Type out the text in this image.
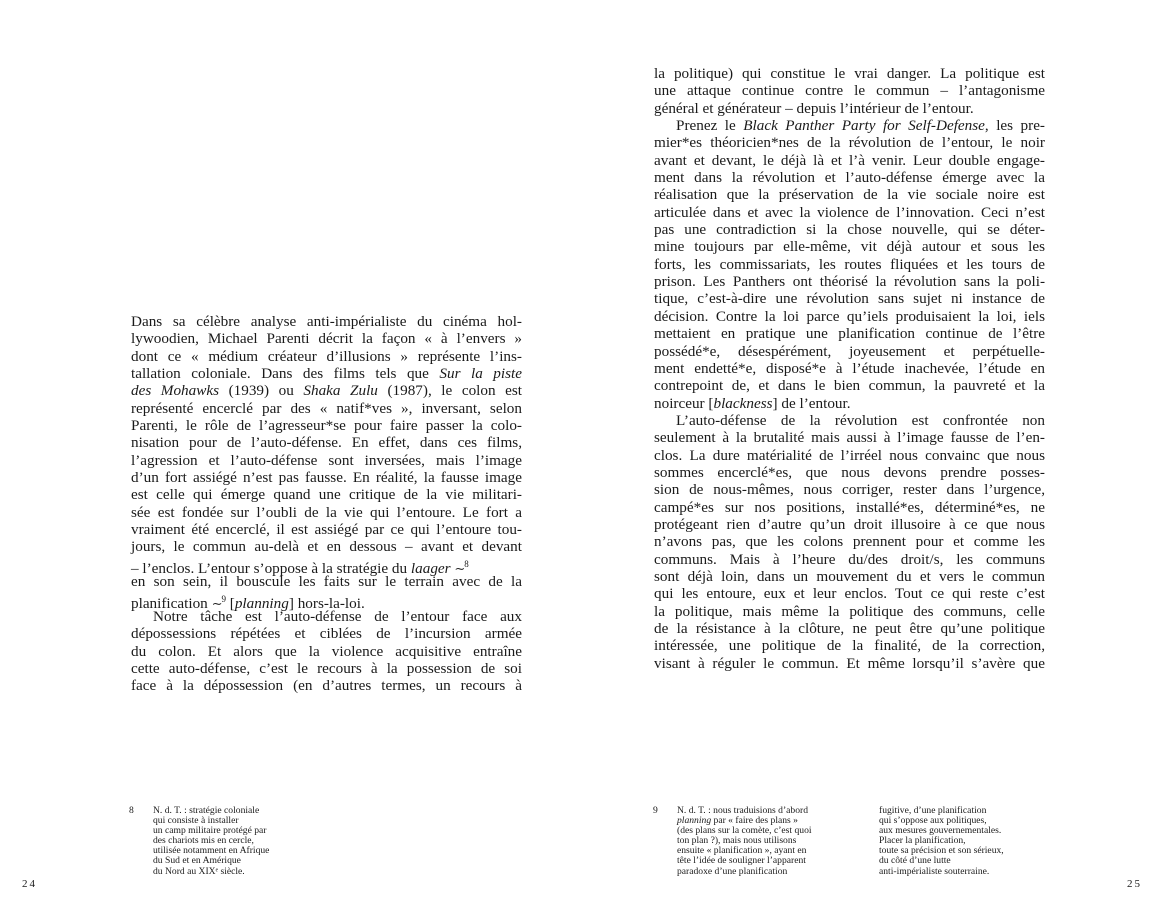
Dans sa célèbre analyse anti-impérialiste du cinéma hol-
lywoodien, Michael Parenti décrit la façon « à l’envers »
dont ce « médium créateur d’illusions » représente l’ins-
tallation coloniale. Dans des films tels que Sur la piste
des Mohawks (1939) ou Shaka Zulu (1987), le colon est
représenté encerclé par des « natif*ves », inversant, selon
Parenti, le rôle de l’agresseur*se pour faire passer la colo-
nisation pour de l’auto-défense. En effet, dans ces films,
l’agression et l’auto-défense sont inversées, mais l’image
d’un fort assiégé n’est pas fausse. En réalité, la fausse image
est celle qui émerge quand une critique de la vie militari-
sée est fondée sur l’oubli de la vie qui l’entoure. Le fort a
vraiment été encerclé, il est assiégé par ce qui l’entoure tou-
jours, le commun au-delà et en dessous – avant et devant
– l’enclos. L’entour s’oppose à la stratégie du laager ∼$^8$
en son sein, il bouscule les faits sur le terrain avec de la
planification ∼$^9$ [planning] hors-la-loi.
Notre tâche est l’auto-défense de l’entour face aux
dépossessions répétées et ciblées de l’incursion armée
du colon. Et alors que la violence acquisitive entraîne
cette auto-défense, c’est le recours à la possession de soi
face à la dépossession (en d’autres termes, un recours à
8 N. d. T. : stratégie coloniale
qui consiste à installer
un camp militaire protégé par
des chariots mis en cercle,
utilisée notamment en Afrique
du Sud et en Amérique
du Nord au XIXᵉ siècle.
24
la politique) qui constitue le vrai danger. La politique est
une attaque continue contre le commun – l’antagonisme
général et générateur – depuis l’intérieur de l’entour.
Prenez le Black Panther Party for Self-Defense, les pre-
mier*es théoricien*nes de la révolution de l’entour, le noir
avant et devant, le déjà là et l’à venir. Leur double engage-
ment dans la révolution et l’auto-défense émerge avec la
réalisation que la préservation de la vie sociale noire est
articulée dans et avec la violence de l’innovation. Ceci n’est
pas une contradiction si la chose nouvelle, qui se déter-
mine toujours par elle-même, vit déjà autour et sous les
forts, les commissariats, les routes fliquées et les tours de
prison. Les Panthers ont théorisé la révolution sans la poli-
tique, c’est-à-dire une révolution sans sujet ni instance de
décision. Contre la loi parce qu’iels produisaient la loi, iels
mettaient en pratique une planification continue de l’être
possédé*e, désespérément, joyeusement et perpétuelle-
ment endetté*e, disposé*e à l’étude inachevée, l’étude en
contrepoint de, et dans le bien commun, la pauvreté et la
noirceur [blackness] de l’entour.
L’auto-défense de la révolution est confrontée non
seulement à la brutalité mais aussi à l’image fausse de l’en-
clos. La dure matérialité de l’irréel nous convainc que nous
sommes encerclé*es, que nous devons prendre posses-
sion de nous-mêmes, nous corriger, rester dans l’urgence,
campé*es sur nos positions, installé*es, déterminé*es, ne
protégeant rien d’autre qu’un droit illusoire à ce que nous
n’avons pas, que les colons prennent pour et comme les
communs. Mais à l’heure du/des droit/s, les communs
sont déjà loin, dans un mouvement du et vers le commun
qui les entoure, eux et leur enclos. Tout ce qui reste c’est
la politique, mais même la politique des communs, celle
de la résistance à la clôture, ne peut être qu’une politique
intéressée, une politique de la finalité, de la correction,
visant à réguler le commun. Et même lorsqu’il s’avère que
9 N. d. T. : nous traduisions d’abord
planning par « faire des plans »
(des plans sur la comète, c’est quoi
ton plan ?), mais nous utilisons
ensuite « planification », ayant en
tête l’idée de souligner l’apparent
paradoxe d’une planification
fugitive, d’une planification
qui s’oppose aux politiques,
aux mesures gouvernementales.
Placer la planification,
toute sa précision et son sérieux,
du côté d’une lutte
anti-impérialiste souterraine.
25
